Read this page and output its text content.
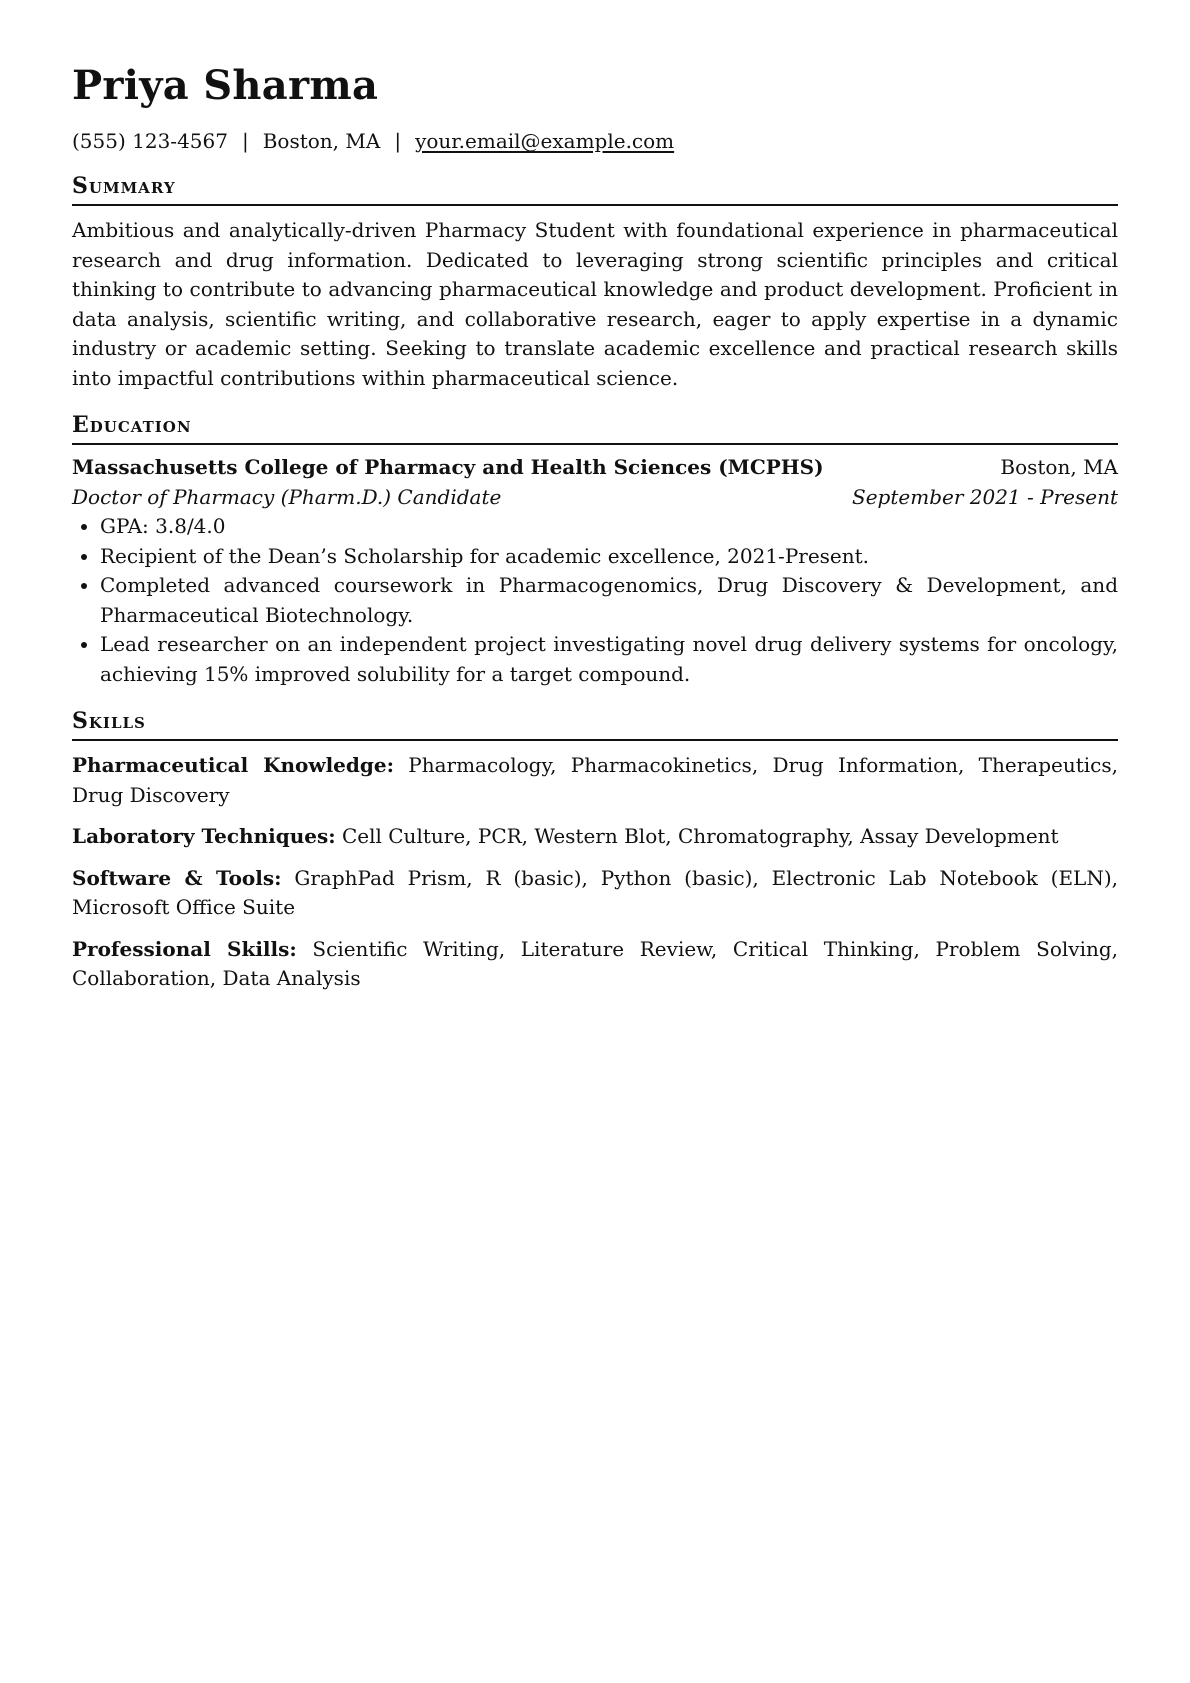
Priya Sharma
(555) 123-4567 | Boston, MA | your.email@example.com
Summary
Ambitious and analytically-driven Pharmacy Student with foundational experience in pharmaceutical research and drug information. Dedicated to leveraging strong scientific principles and critical thinking to contribute to advancing pharmaceutical knowledge and product development. Proficient in data analysis, scientific writing, and collaborative research, eager to apply expertise in a dynamic industry or academic setting. Seeking to translate academic excellence and practical research skills into impactful contributions within pharmaceutical science.
Education
Massachusetts College of Pharmacy and Health Sciences (MCPHS)	Boston, MA
Doctor of Pharmacy (Pharm.D.) Candidate	September 2021 - Present
• GPA: 3.8/4.0
• Recipient of the Dean’s Scholarship for academic excellence, 2021-Present.
• Completed advanced coursework in Pharmacogenomics, Drug Discovery & Development, and Pharmaceutical Biotechnology.
• Lead researcher on an independent project investigating novel drug delivery systems for oncology, achieving 15% improved solubility for a target compound.
Skills
Pharmaceutical Knowledge: Pharmacology, Pharmacokinetics, Drug Information, Therapeutics, Drug Discovery
Laboratory Techniques: Cell Culture, PCR, Western Blot, Chromatography, Assay Development
Software & Tools: GraphPad Prism, R (basic), Python (basic), Electronic Lab Notebook (ELN), Microsoft Office Suite
Professional Skills: Scientific Writing, Literature Review, Critical Thinking, Problem Solving, Collaboration, Data Analysis
